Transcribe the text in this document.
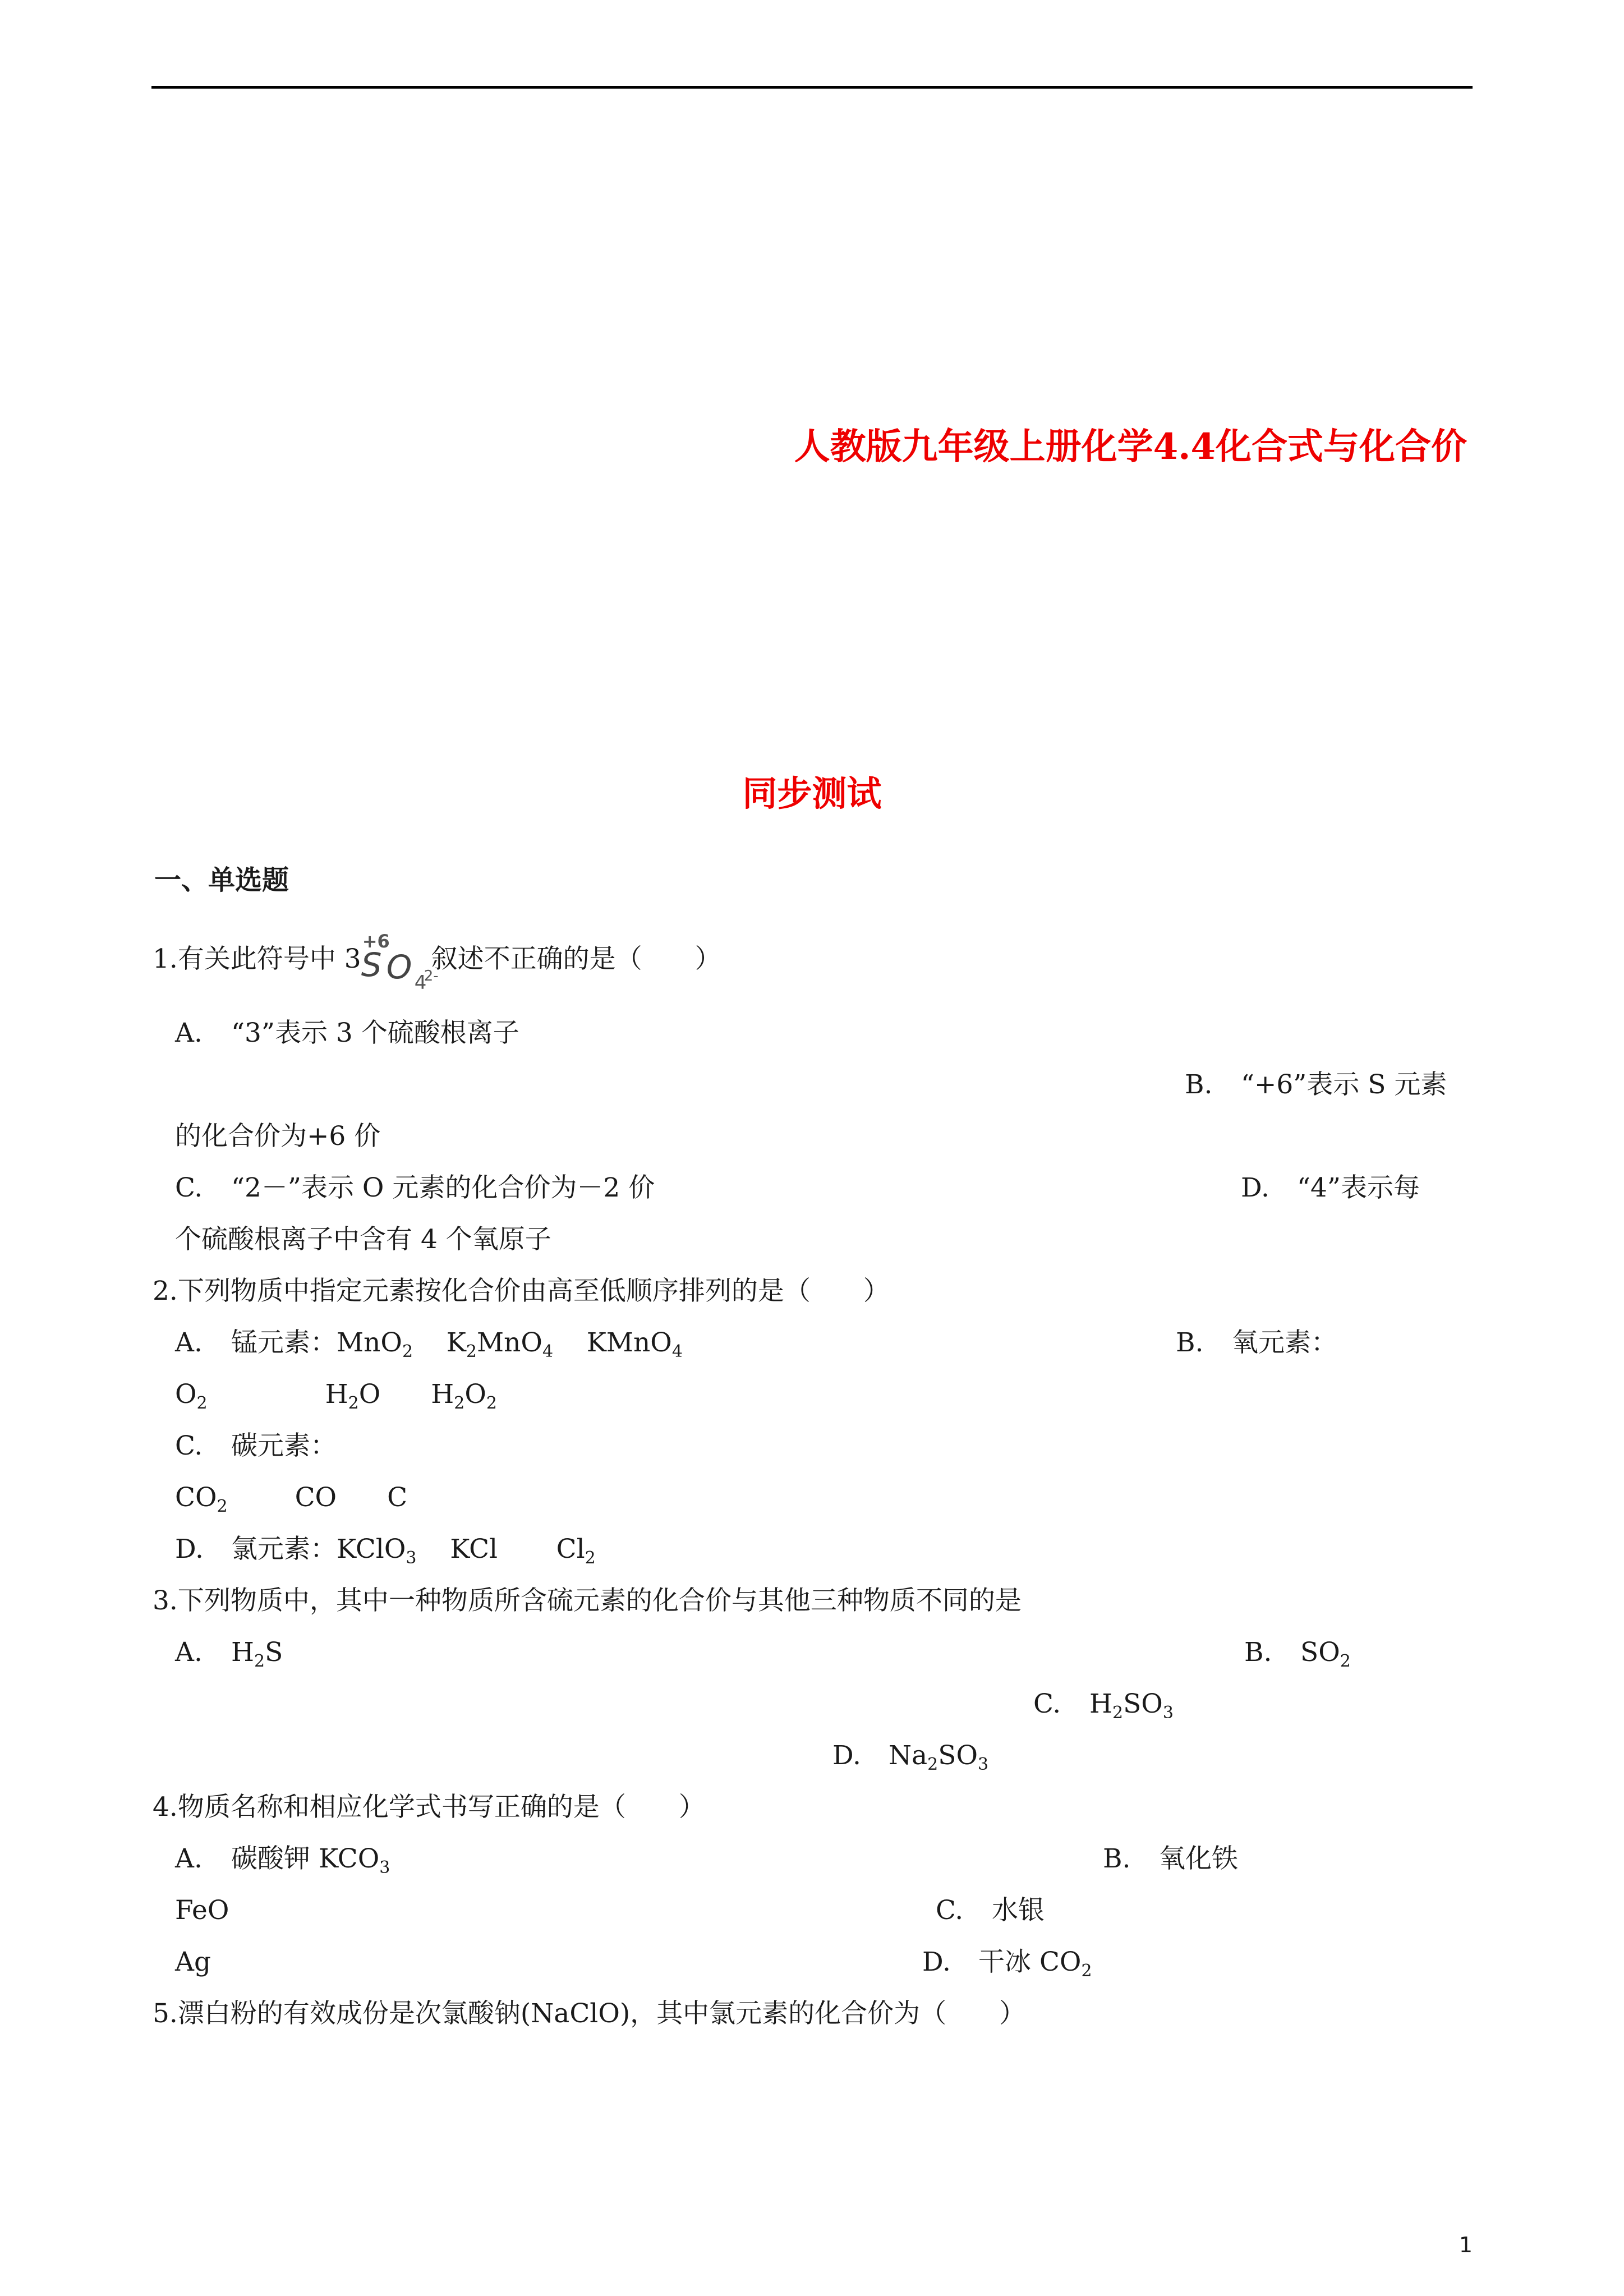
人教版九年级上册化学4.4化合式与化合价
同步测试
一、单选题
1.有关此符号中 3
+6
S O 4
2-
叙述不正确的是（　　）
A. “3”表示 3 个硫酸根离子
B. “+6”表示 S 元素
的化合价为+6 价
C. “2－”表示 O 元素的化合价为－2 价	D. “4”表示每
个硫酸根离子中含有 4 个氧原子
2.下列物质中指定元素按化合价由高至低顺序排列的是（　　）
A. 锰元素：MnO$_2$    $K_2MnO_4$    KMnO$_4$	B. 氧元素：
$O_2$	$H_2O$ $H_2O_2$
C. 碳元素：
$CO_2$	CO C
D. 氯元素：KClO$_3$    KCl       $Cl_2$
3.下列物质中，其中一种物质所含硫元素的化合价与其他三种物质不同的是
A. $H_2S$	B. $SO_2$
C. $H_2SO_3$
D. $Na_2SO_3$
4.物质名称和相应化学式书写正确的是（　　）
A. 碳酸钾 $KCO_3$	B. 氧化铁
FeO	C. 水银
Ag	D. 干冰 $CO_2$
5.漂白粉的有效成份是次氯酸钠(NaClO)，其中氯元素的化合价为（　　）
1
